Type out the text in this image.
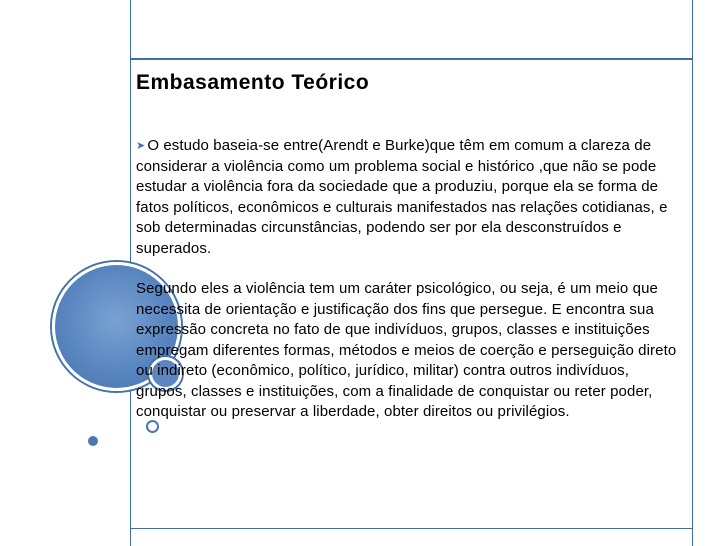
Embasamento Teórico

➤ O estudo baseia-se entre(Arendt e Burke)que têm em comum a clareza de considerar a violência como um problema social e histórico ,que não se pode estudar a violência fora da sociedade que a produziu, porque ela se forma de fatos políticos, econômicos e culturais manifestados nas relações cotidianas, e sob determinadas circunstâncias, podendo ser por ela desconstruídos e superados.

Segundo eles a violência tem um caráter psicológico, ou seja, é um meio que necessita de orientação e justificação dos fins que persegue. E encontra sua expressão concreta no fato de que indivíduos, grupos, classes e instituições empregam diferentes formas, métodos e meios de coerção e perseguição direto ou indireto (econômico, político, jurídico, militar) contra outros indivíduos, grupos, classes e instituições, com a finalidade de conquistar ou reter poder, conquistar ou preservar a liberdade, obter direitos ou privilégios.
